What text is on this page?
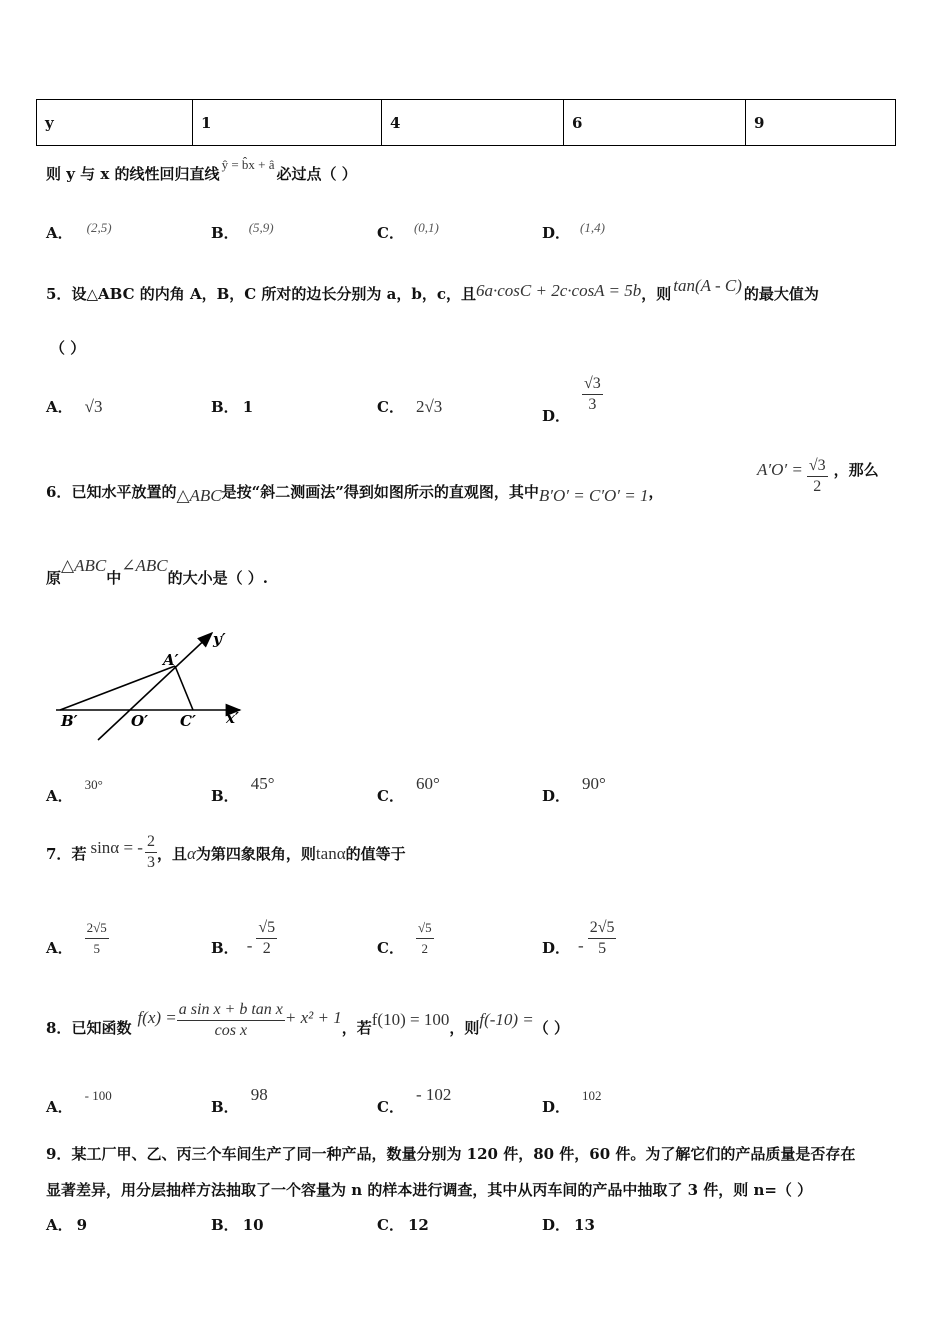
y	1	4	6	9
则 y 与 x 的线性回归直线ŷ = b̂x + â必过点（ ）
A． $^{(2,5)}$	B． $^{(5,9)}$	C． $^{(0,1)}$	D． $^{(1,4)}$
5．设△ABC 的内角 A，B，C 所对的边长分别为 a，b，c，且6a·cosC + 2c·cosA = 5b，则 tan(A - C) 的最大值为
（ ）
A． √3	B． 1	C． 2√3	D．
$\frac{√3}{3}$
6．已知水平放置的△ABC是按“斜二测画法”得到如图所示的直观图，其中B′O′ = C′O′ = 1，
$A'O' = \frac{√3}{2}$ ，那么
原△ABC中∠ABC的大小是（ ）.
y′
A′
B′	O′ C′ x′
A．$^{30^\circ}$
B．45°
C．60°
D．90°
7．若 sinα = - $\frac{2}{3}$ ，且α为第四象限角，则tanα的值等于
A． $\frac{2√5}{5}$	B． - $\frac{√5}{2}$	C． $\frac{√5}{2}$	D． - $\frac{2√5}{5}$
8．已知函数$f(x) = \frac{\text{a sin x + b tan x}}{\text{cos x}} + x^2 + 1$，若f(10) = 100，则f(-10) =（ ）
A．$^{- 100}$
B．98
C．- 102
D．$^{102}$
9．某工厂甲、乙、丙三个车间生产了同一种产品，数量分别为 120 件，80 件，60 件。为了解它们的产品质量是否存在
显著差异，用分层抽样方法抽取了一个容量为 n 的样本进行调查，其中从丙车间的产品中抽取了 3 件，则 n=（ ）
A． 9	B． 10	C． 12	D． 13
